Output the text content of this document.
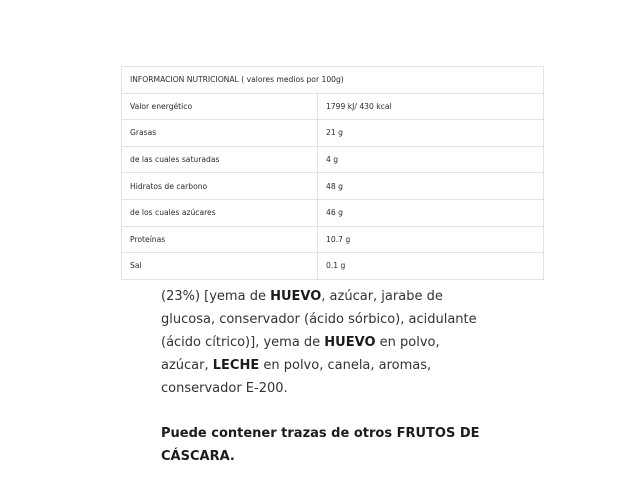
INFORMACION NUTRICIONAL ( valores medios por 100g)	
Valor energético	1799 kJ/ 430 kcal
Grasas	21 g
de las cuales saturadas	4 g
Hidratos de carbono	48 g
de los cuales azúcares	46 g
Proteínas	10.7 g
Sal	0.1 g

(23%) [yema de HUEVO, azúcar, jarabe de glucosa, conservador (ácido sórbico), acidulante (ácido cítrico)], yema de HUEVO en polvo, azúcar, LECHE en polvo, canela, aromas, conservador E-200.

Puede contener trazas de otros FRUTOS DE CÁSCARA.
